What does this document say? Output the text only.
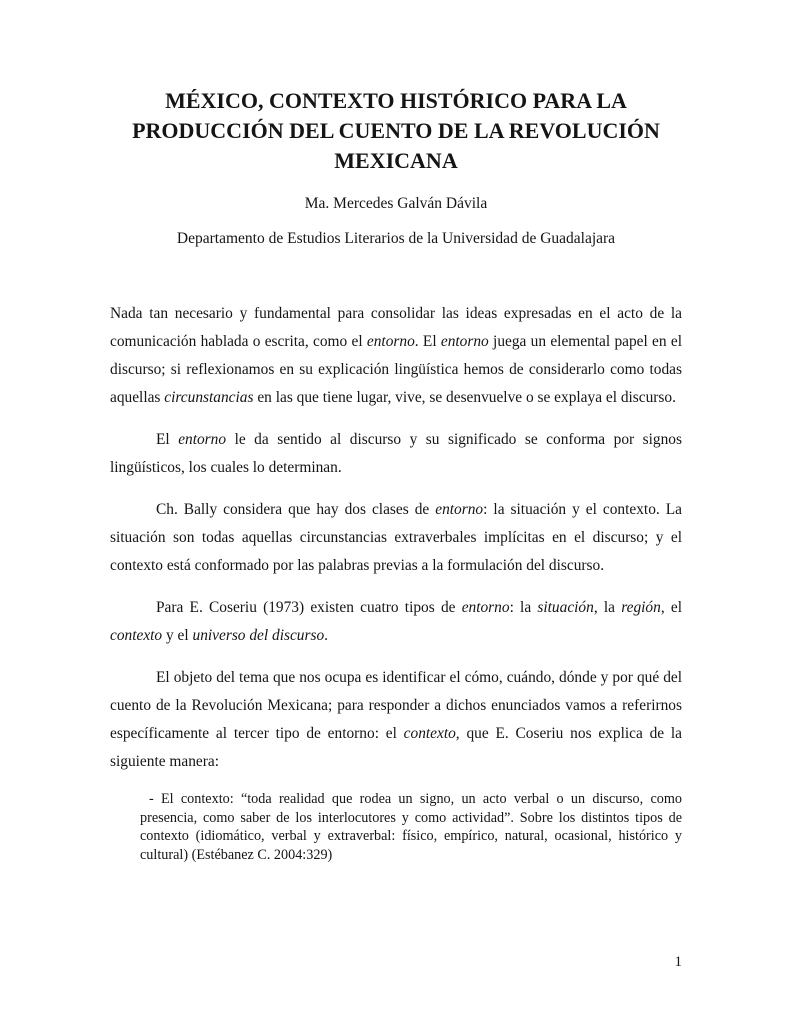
MÉXICO, CONTEXTO HISTÓRICO PARA LA PRODUCCIÓN DEL CUENTO DE LA REVOLUCIÓN MEXICANA

Ma. Mercedes Galván Dávila

Departamento de Estudios Literarios de la Universidad de Guadalajara

Nada tan necesario y fundamental para consolidar las ideas expresadas en el acto de la comunicación hablada o escrita, como el entorno. El entorno juega un elemental papel en el discurso; si reflexionamos en su explicación lingüística hemos de considerarlo como todas aquellas circunstancias en las que tiene lugar, vive, se desenvuelve o se explaya el discurso.

El entorno le da sentido al discurso y su significado se conforma por signos lingüísticos, los cuales lo determinan.

Ch. Bally considera que hay dos clases de entorno: la situación y el contexto. La situación son todas aquellas circunstancias extraverbales implícitas en el discurso; y el contexto está conformado por las palabras previas a la formulación del discurso.

Para E. Coseriu (1973) existen cuatro tipos de entorno: la situación, la región, el contexto y el universo del discurso.

El objeto del tema que nos ocupa es identificar el cómo, cuándo, dónde y por qué del cuento de la Revolución Mexicana; para responder a dichos enunciados vamos a referirnos específicamente al tercer tipo de entorno: el contexto, que E. Coseriu nos explica de la siguiente manera:

- El contexto: “toda realidad que rodea un signo, un acto verbal o un discurso, como presencia, como saber de los interlocutores y como actividad”. Sobre los distintos tipos de contexto (idiomático, verbal y extraverbal: físico, empírico, natural, ocasional, histórico y cultural) (Estébanez C. 2004:329)
1
